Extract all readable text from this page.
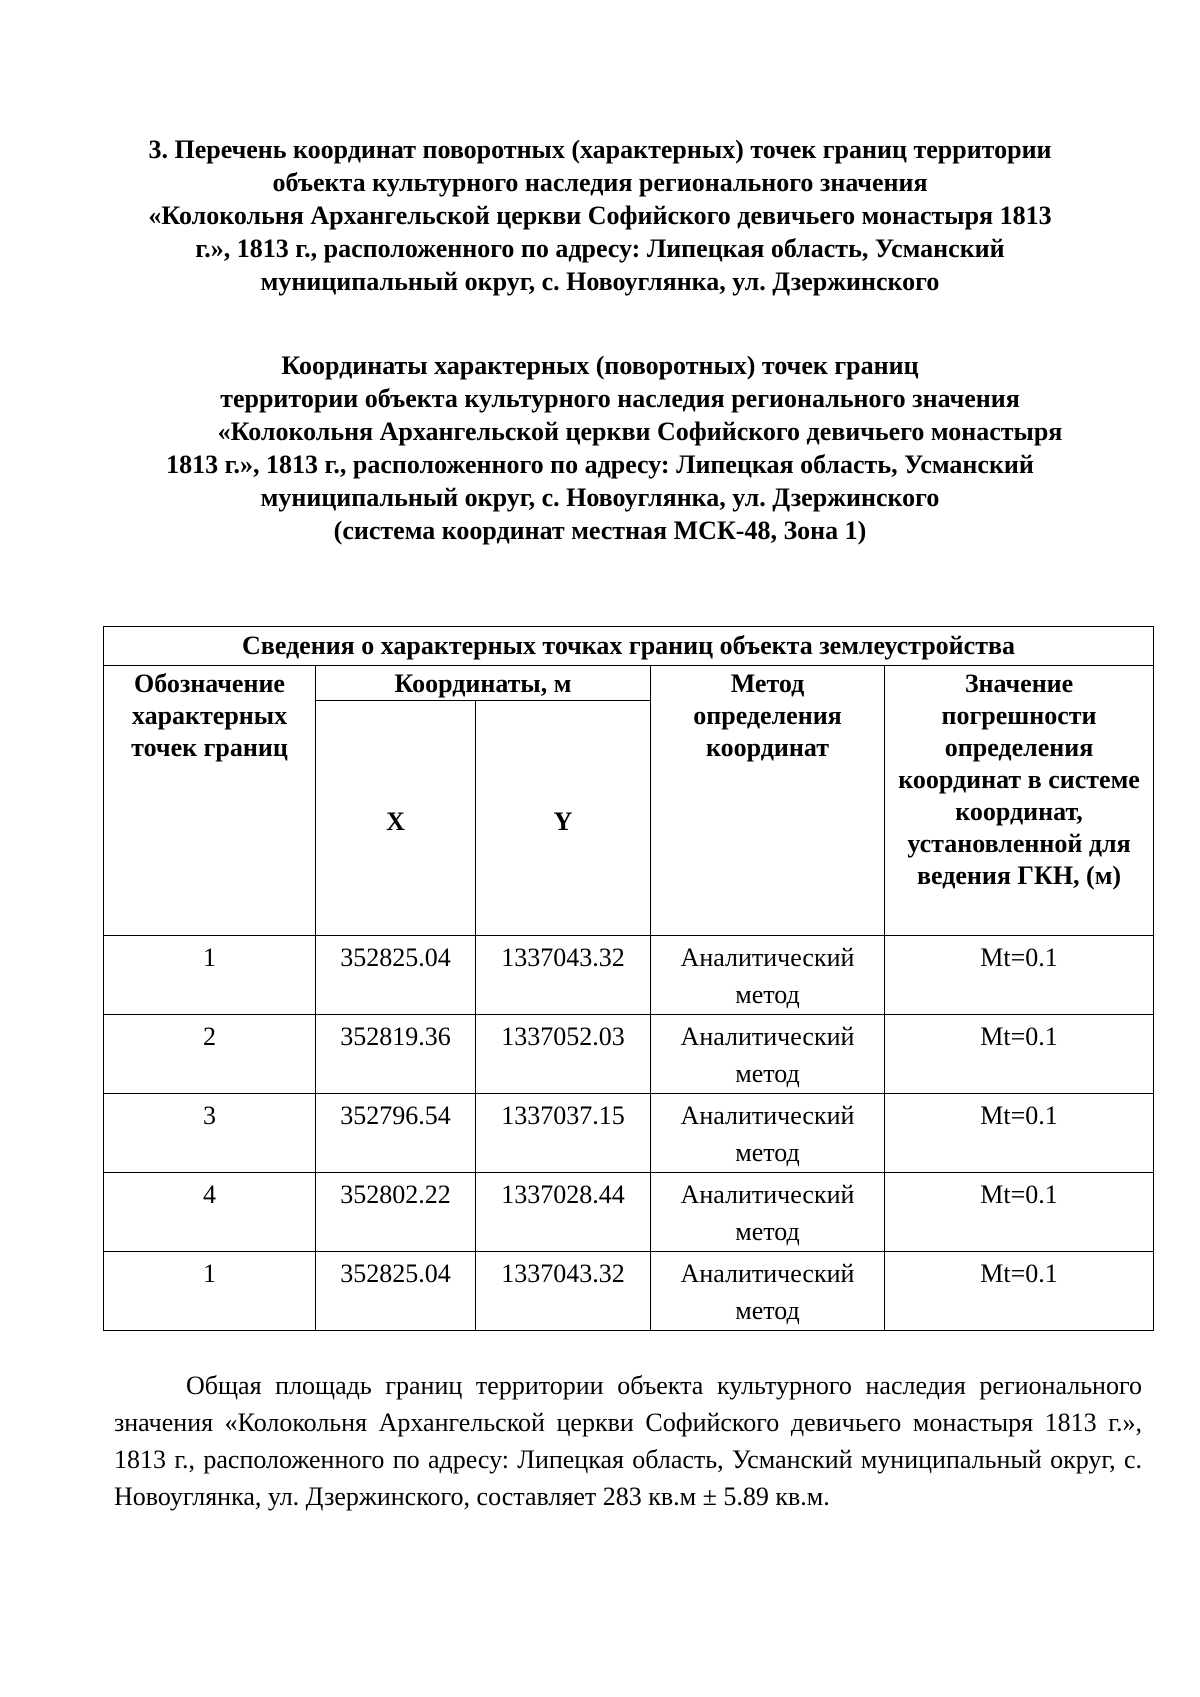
3. Перечень координат поворотных (характерных) точек границ территории
объекта культурного наследия регионального значения
«Колокольня Архангельской церкви Софийского девичьего монастыря 1813
г.», 1813 г., расположенного по адресу: Липецкая область, Усманский
муниципальный округ, с. Новоуглянка, ул. Дзержинского
Координаты характерных (поворотных) точек границ
территории объекта культурного наследия регионального значения
«Колокольня Архангельской церкви Софийского девичьего монастыря
1813 г.», 1813 г., расположенного по адресу: Липецкая область, Усманский
муниципальный округ, с. Новоуглянка, ул. Дзержинского
(система координат местная МСК-48, Зона 1)
Сведения о характерных точках границ объекта землеустройства				
Обозначение характерных точек границ	Координаты, м		Метод определения координат	Значение погрешности определения координат в системе координат, установленной для ведения ГКН, (м)
	X	Y		
1	352825.04	1337043.32	Аналитический метод	Mt=0.1
2	352819.36	1337052.03	Аналитический метод	Mt=0.1
3	352796.54	1337037.15	Аналитический метод	Mt=0.1
4	352802.22	1337028.44	Аналитический метод	Mt=0.1
1	352825.04	1337043.32	Аналитический метод	Mt=0.1

Общая площадь границ территории объекта культурного наследия регионального значения «Колокольня Архангельской церкви Софийского девичьего монастыря 1813 г.», 1813 г., расположенного по адресу: Липецкая область, Усманский муниципальный округ, с. Новоуглянка, ул. Дзержинского, составляет 283 кв.м ± 5.89 кв.м.
